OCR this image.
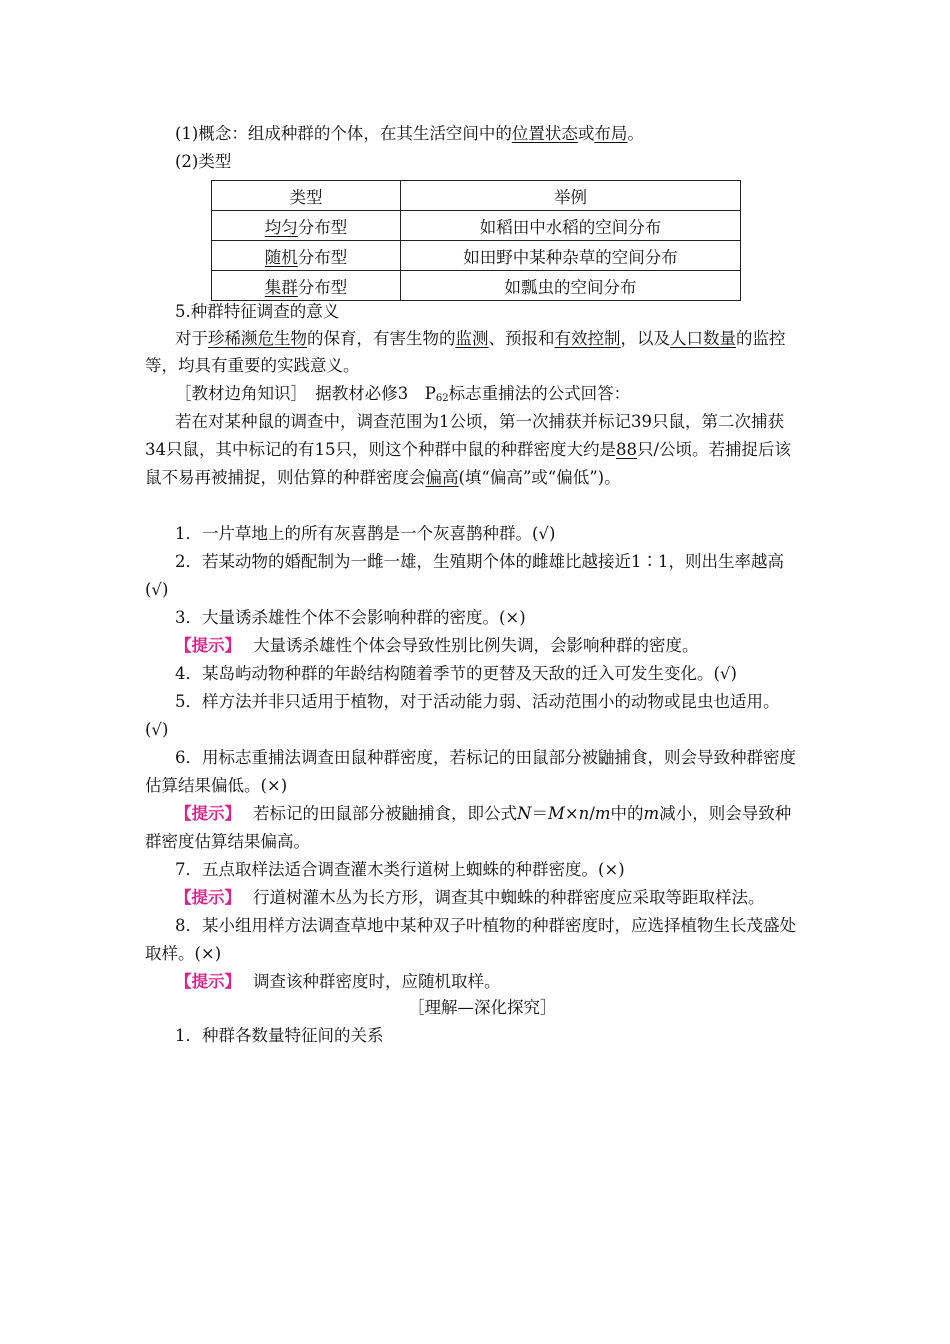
(1)概念：组成种群的个体，在其生活空间中的位置状态或布局。
(2)类型
类型	举例
均匀分布型	如稻田中水稻的空间分布
随机分布型	如田野中某种杂草的空间分布
集群分布型	如瓢虫的空间分布
5.种群特征调查的意义
对于珍稀濒危生物的保育，有害生物的监测、预报和有效控制，以及人口数量的监控
等，均具有重要的实践意义。
［教材边角知识］　据教材必修3　$P_{62}$标志重捕法的公式回答：
若在对某种鼠的调查中，调查范围为1公顷，第一次捕获并标记39只鼠，第二次捕获
34只鼠，其中标记的有15只，则这个种群中鼠的种群密度大约是88只/公顷。若捕捉后该
鼠不易再被捕捉，则估算的种群密度会偏高(填“偏高”或“偏低”)。
1．一片草地上的所有灰喜鹊是一个灰喜鹊种群。(√)
2．若某动物的婚配制为一雌一雄，生殖期个体的雌雄比越接近1∶1，则出生率越高
(√)
3．大量诱杀雄性个体不会影响种群的密度。(×)
【提示】 大量诱杀雄性个体会导致性别比例失调，会影响种群的密度。
4．某岛屿动物种群的年龄结构随着季节的更替及天敌的迁入可发生变化。(√)
5．样方法并非只适用于植物，对于活动能力弱、活动范围小的动物或昆虫也适用。
(√)
6．用标志重捕法调查田鼠种群密度，若标记的田鼠部分被鼬捕食，则会导致种群密度
估算结果偏低。(×)
【提示】 若标记的田鼠部分被鼬捕食，即公式N＝M×n/m中的m减小，则会导致种
群密度估算结果偏高。
7．五点取样法适合调查灌木类行道树上蜘蛛的种群密度。(×)
【提示】 行道树灌木丛为长方形，调查其中蜘蛛的种群密度应采取等距取样法。
8．某小组用样方法调查草地中某种双子叶植物的种群密度时，应选择植物生长茂盛处
取样。(×)
【提示】 调查该种群密度时，应随机取样。
［理解—深化探究］
1．种群各数量特征间的关系
